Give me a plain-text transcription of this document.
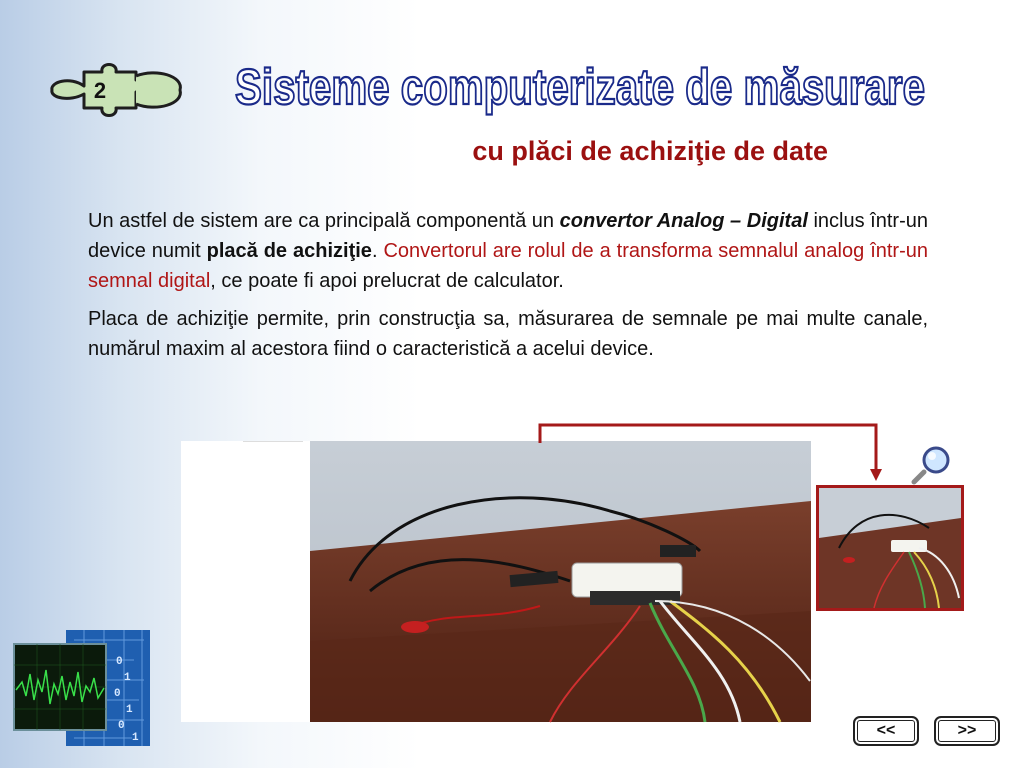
2	Sisteme computerizate de măsurare
cu plăci de achiziţie de date

Un astfel de sistem are ca principală componentă un convertor Analog – Digital inclus într-un device numit placă de achiziţie. Convertorul are rolul de a transforma semnalul analog într-un semnal digital, ce poate fi apoi prelucrat de calculator.

Placa de achiziţie permite, prin construcţia sa, măsurarea de semnale pe mai multe canale, numărul maxim al acestora fiind o caracteristică a acelui device.

0
1
0
1
0
1	<<	>>
